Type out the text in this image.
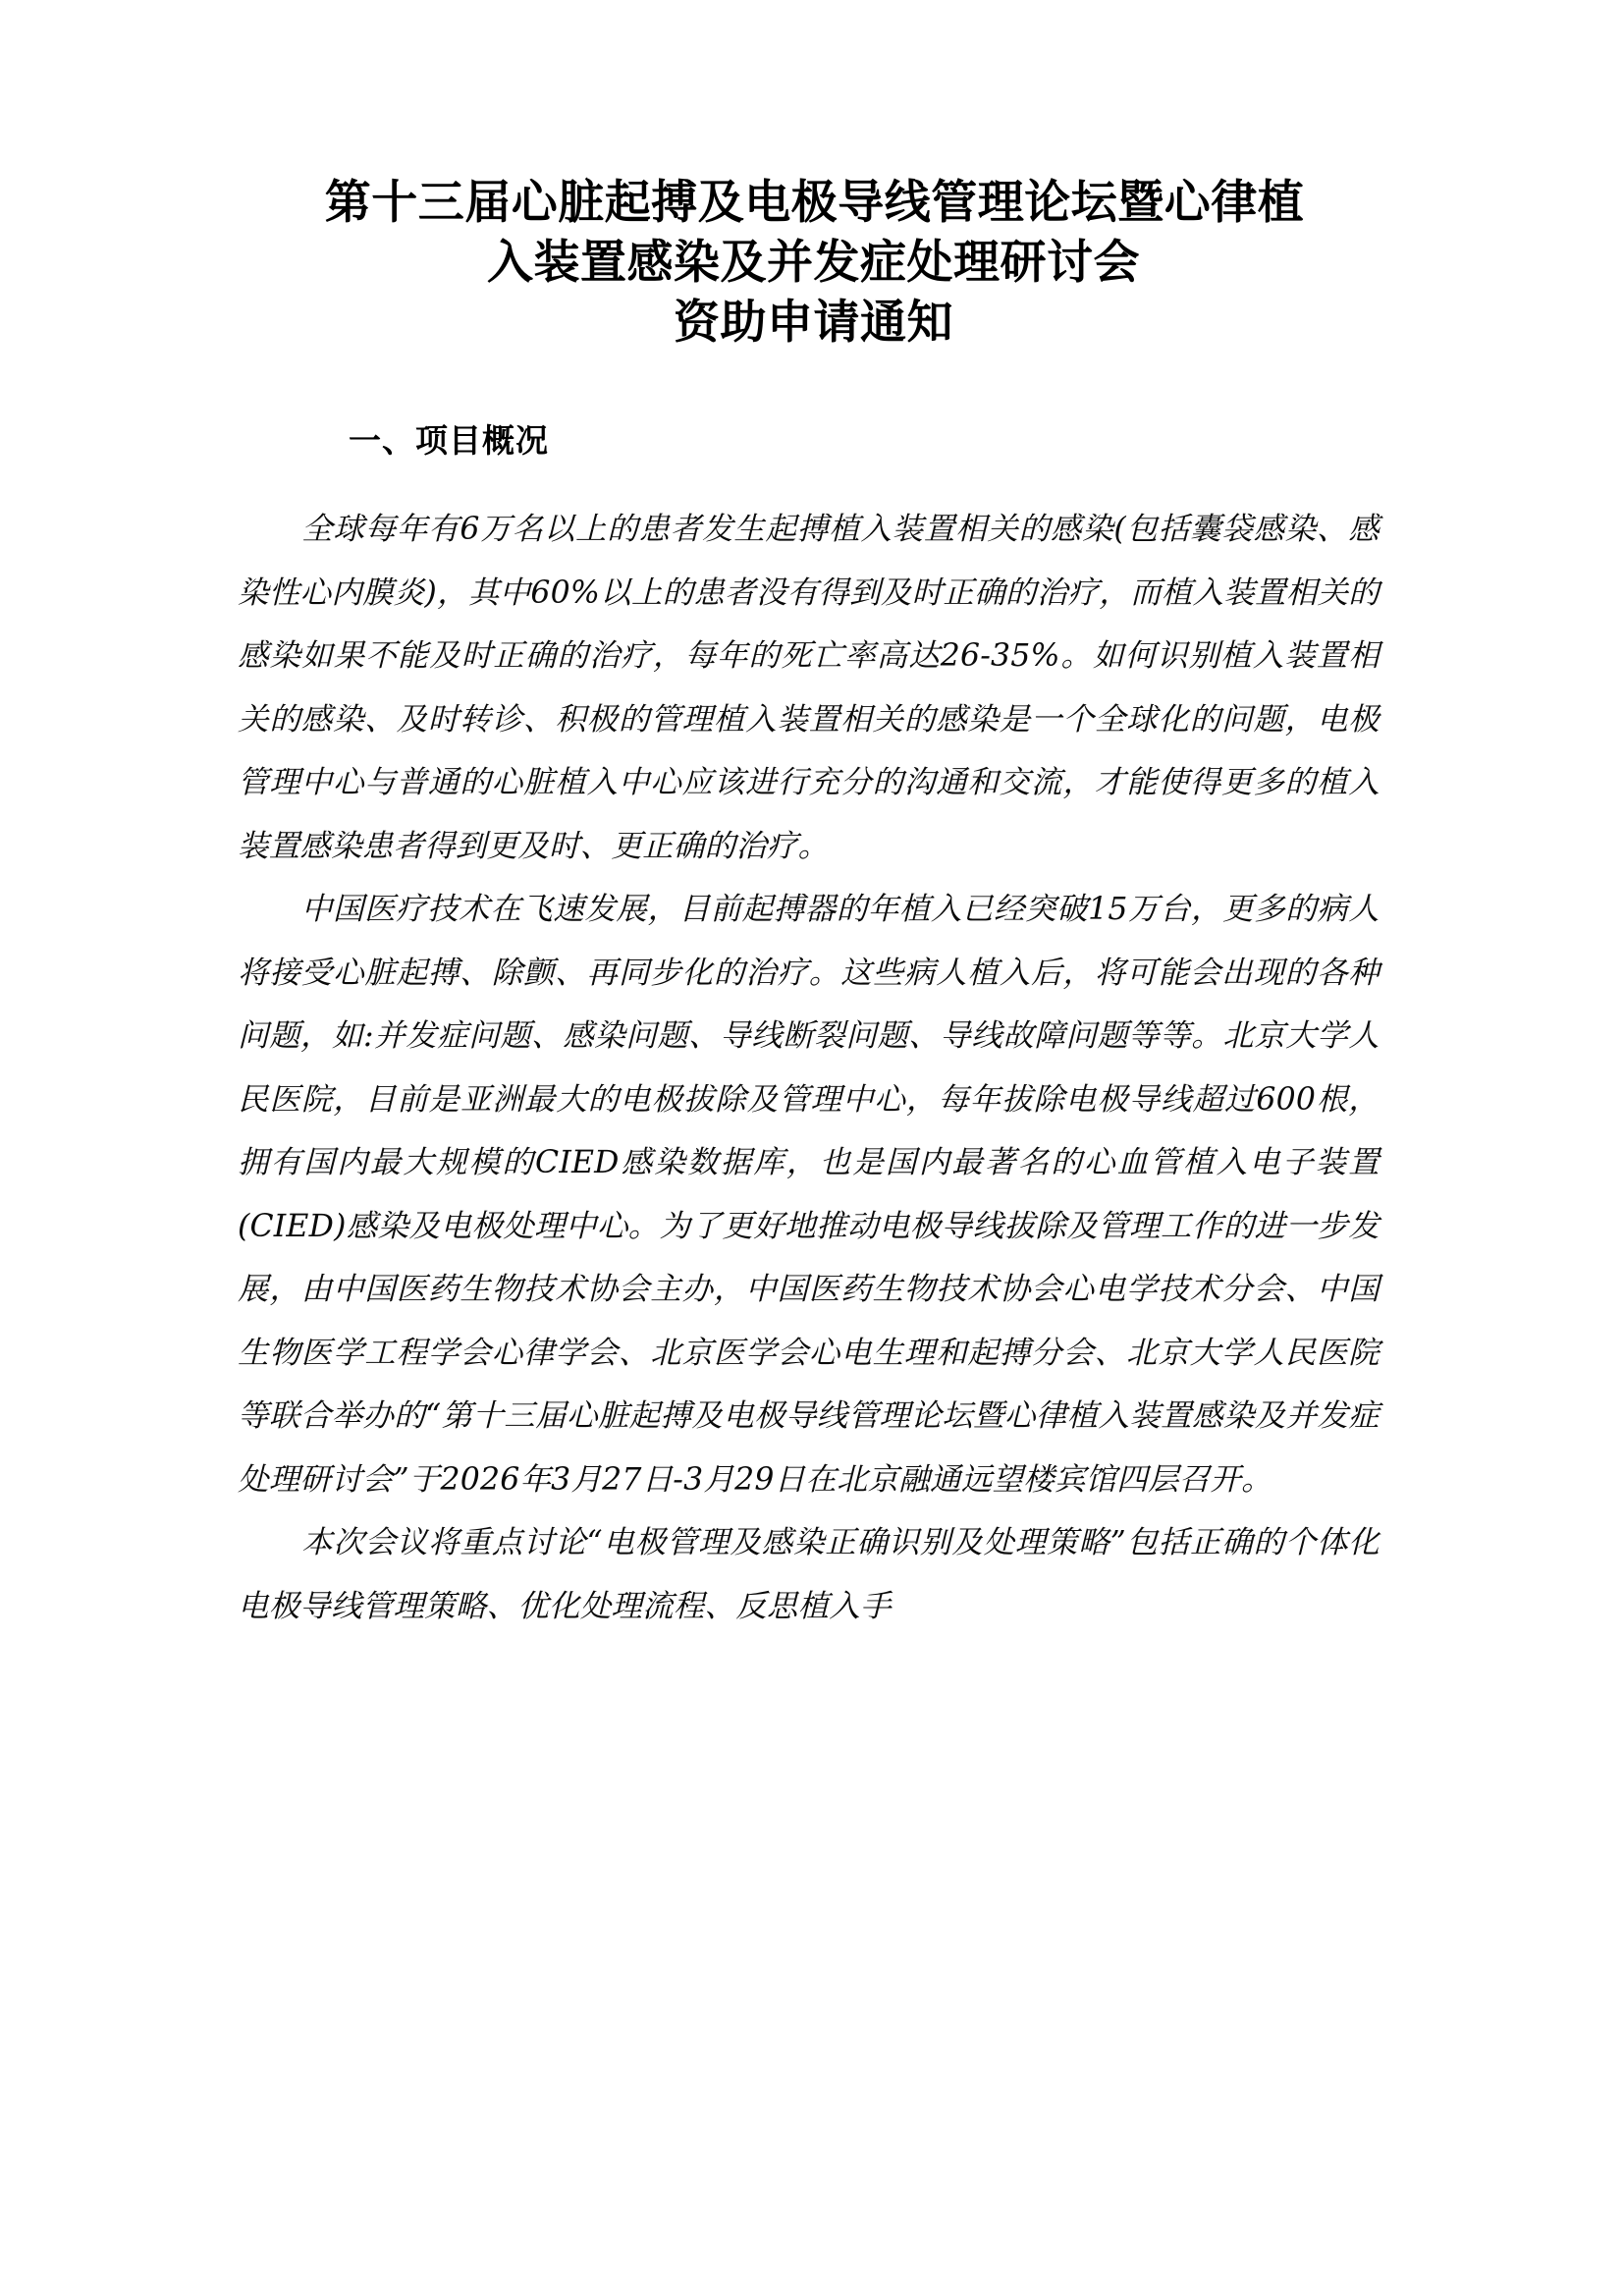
第十三届心脏起搏及电极导线管理论坛暨心律植
入装置感染及并发症处理研讨会
资助申请通知
一、项目概况

全球每年有6万名以上的患者发生起搏植入装置相关的感染(包括囊袋感染、感染性心内膜炎)，其中60%以上的患者没有得到及时正确的治疗，而植入装置相关的感染如果不能及时正确的治疗，每年的死亡率高达26-35%。如何识别植入装置相关的感染、及时转诊、积极的管理植入装置相关的感染是一个全球化的问题，电极管理中心与普通的心脏植入中心应该进行充分的沟通和交流，才能使得更多的植入装置感染患者得到更及时、更正确的治疗。

中国医疗技术在飞速发展，目前起搏器的年植入已经突破15万台，更多的病人将接受心脏起搏、除颤、再同步化的治疗。这些病人植入后，将可能会出现的各种问题，如:并发症问题、感染问题、导线断裂问题、导线故障问题等等。北京大学人民医院，目前是亚洲最大的电极拔除及管理中心，每年拔除电极导线超过600根，拥有国内最大规模的CIED感染数据库，也是国内最著名的心血管植入电子装置(CIED)感染及电极处理中心。为了更好地推动电极导线拔除及管理工作的进一步发展，由中国医药生物技术协会主办，中国医药生物技术协会心电学技术分会、中国生物医学工程学会心律学会、北京医学会心电生理和起搏分会、北京大学人民医院等联合举办的“第十三届心脏起搏及电极导线管理论坛暨心律植入装置感染及并发症处理研讨会”于2026年3月27日-3月29日在北京融通远望楼宾馆四层召开。

本次会议将重点讨论“电极管理及感染正确识别及处理策略”包括正确的个体化电极导线管理策略、优化处理流程、反思植入手
